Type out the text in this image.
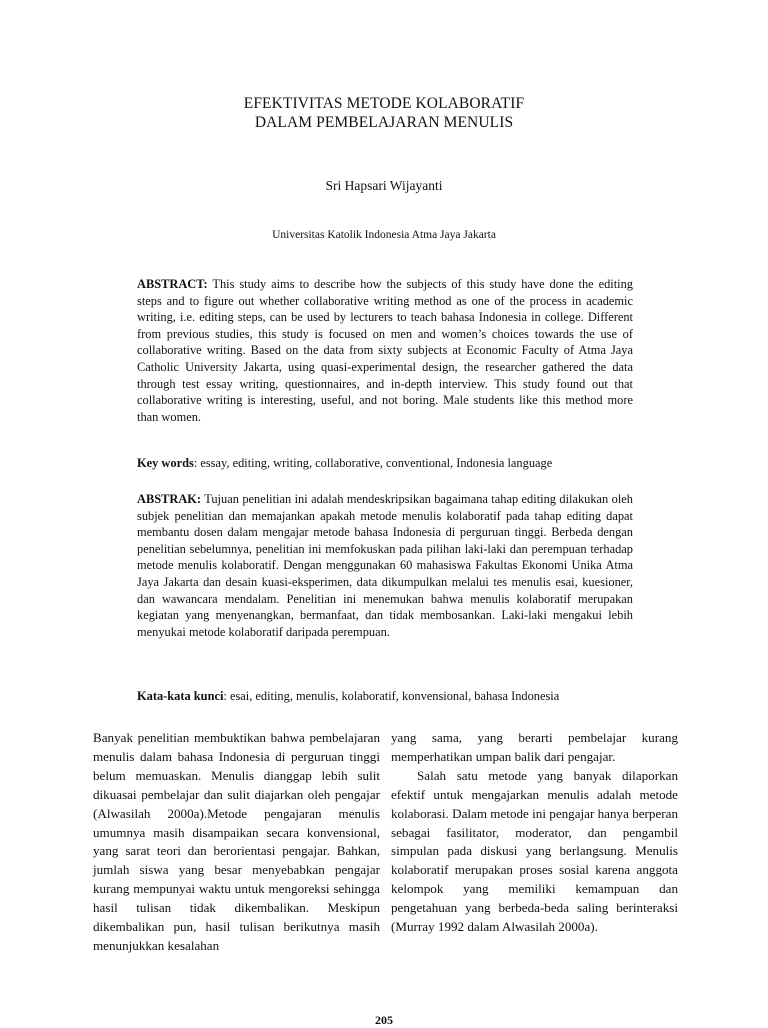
EFEKTIVITAS METODE KOLABORATIF
DALAM PEMBELAJARAN MENULIS
Sri Hapsari Wijayanti
Universitas Katolik Indonesia Atma Jaya Jakarta
ABSTRACT: This study aims to describe how the subjects of this study have done the editing steps and to figure out whether collaborative writing method as one of the process in academic writing, i.e. editing steps, can be used by lecturers to teach bahasa Indonesia in college. Different from previous studies, this study is focused on men and women’s choices towards the use of collaborative writing. Based on the data from sixty subjects at Economic Faculty of Atma Jaya Catholic University Jakarta, using quasi-experimental design, the researcher gathered the data through test essay writing, questionnaires, and in-depth interview. This study found out that collaborative writing is interesting, useful, and not boring. Male students like this method more than women.
Key words: essay, editing, writing, collaborative, conventional, Indonesia language
ABSTRAK: Tujuan penelitian ini adalah mendeskripsikan bagaimana tahap editing dilakukan oleh subjek penelitian dan memajankan apakah metode menulis kolaboratif pada tahap editing dapat membantu dosen dalam mengajar metode bahasa Indonesia di perguruan tinggi. Berbeda dengan penelitian sebelumnya, penelitian ini memfokuskan pada pilihan laki-laki dan perempuan terhadap metode menulis kolaboratif. Dengan menggunakan 60 mahasiswa Fakultas Ekonomi Unika Atma Jaya Jakarta dan desain kuasi-eksperimen, data dikumpulkan melalui tes menulis esai, kuesioner, dan wawancara mendalam. Penelitian ini menemukan bahwa menulis kolaboratif merupakan kegiatan yang menyenangkan, bermanfaat, dan tidak membosankan. Laki-laki mengakui lebih menyukai metode kolaboratif daripada perempuan.
Kata-kata kunci: esai, editing, menulis, kolaboratif, konvensional, bahasa Indonesia

Banyak penelitian membuktikan bahwa pembelajaran menulis dalam bahasa Indonesia di perguruan tinggi belum memuaskan. Menulis dianggap lebih sulit dikuasai pembelajar dan sulit diajarkan oleh pengajar (Alwasilah 2000a).Metode pengajaran menulis umumnya masih disampaikan secara konvensional, yang sarat teori dan berorientasi pengajar. Bahkan, jumlah siswa yang besar menyebabkan pengajar kurang mempunyai waktu untuk mengoreksi sehingga hasil tulisan tidak dikembalikan. Meskipun dikembalikan pun, hasil tulisan berikutnya masih menunjukkan kesalahan

yang sama, yang berarti pembelajar kurang memperhatikan umpan balik dari pengajar.

Salah satu metode yang banyak dilaporkan efektif untuk mengajarkan menulis adalah metode kolaborasi. Dalam metode ini pengajar hanya berperan sebagai fasilitator, moderator, dan pengambil simpulan pada diskusi yang berlangsung. Menulis kolaboratif merupakan proses sosial karena anggota kelompok yang memiliki kemampuan dan pengetahuan yang berbeda-beda saling berinteraksi (Murray 1992 dalam Alwasilah 2000a).

205
